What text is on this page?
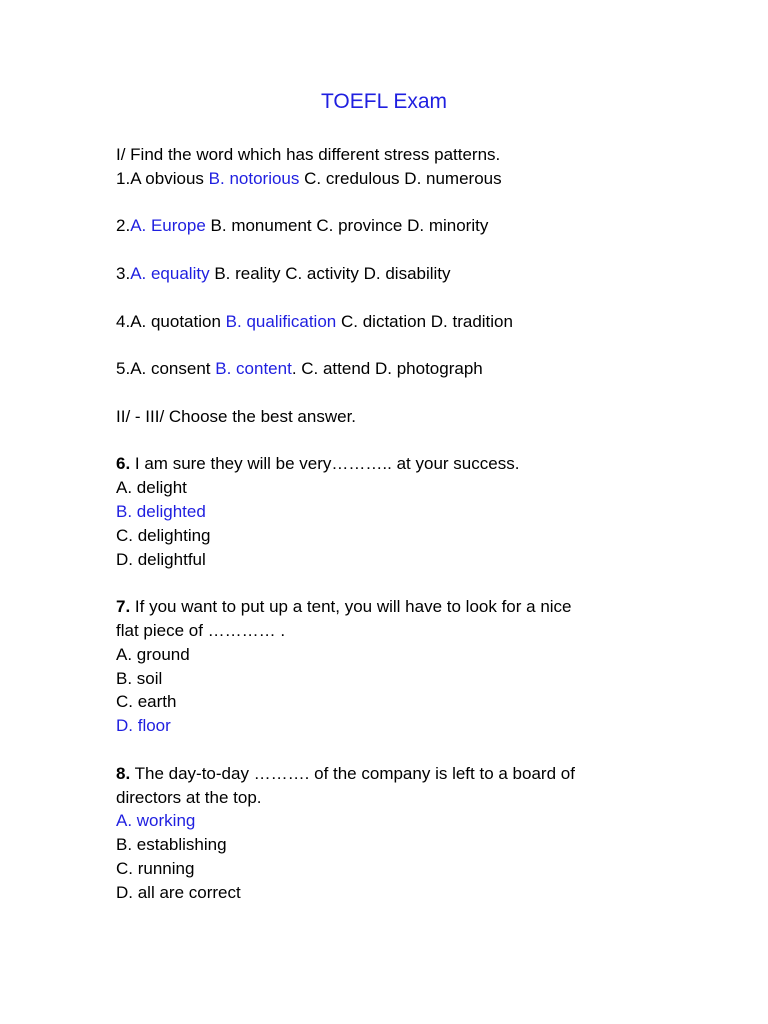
TOEFL Exam
I/ Find the word which has different stress patterns.
1.A obvious B. notorious C. credulous D. numerous
2.A. Europe B. monument C. province D. minority
3.A. equality B. reality C. activity D. disability
4.A. quotation B. qualification C. dictation D. tradition
5.A. consent B. content. C. attend D. photograph
II/ - III/ Choose the best answer.
6. I am sure they will be very……….. at your success.
A. delight
B. delighted
C. delighting
D. delightful
7. If you want to put up a tent, you will have to look for a nice
flat piece of ………… .
A. ground
B. soil
C. earth
D. floor
8. The day-to-day ………. of the company is left to a board of
directors at the top.
A. working
B. establishing
C. running
D. all are correct
